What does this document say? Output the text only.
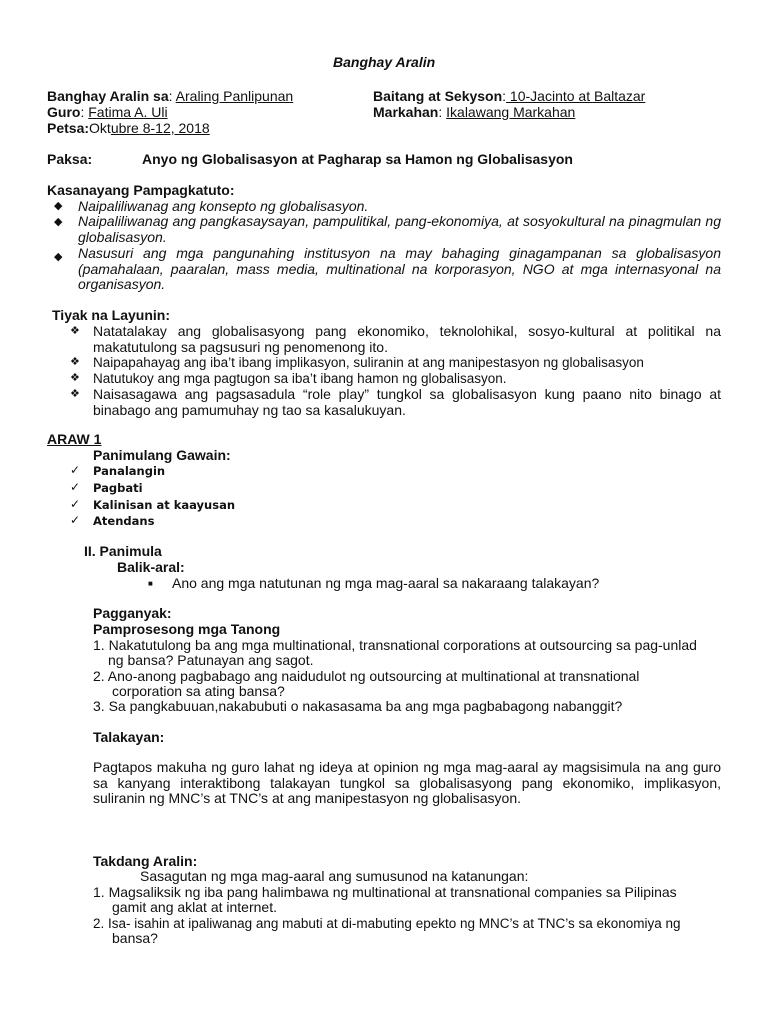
Banghay Aralin
Banghay Aralin sa: Araling Panlipunan
Guro: Fatima A. Uli
Petsa:Oktubre 8-12, 2018
Baitang at Sekyson: 10-Jacinto at Baltazar
Markahan: Ikalawang Markahan
Paksa:	Anyo ng Globalisasyon at Pagharap sa Hamon ng Globalisasyon
Kasanayang Pampagkatuto:
◆ Naipaliliwanag ang konsepto ng globalisasyon.
◆ Naipaliliwanag ang pangkasaysayan, pampulitikal, pang-ekonomiya, at sosyokultural na pinagmulan ng globalisasyon.
◆ Nasusuri ang mga pangunahing institusyon na may bahaging ginagampanan sa globalisasyon (pamahalaan, paaralan, mass media, multinational na korporasyon, NGO at mga internasyonal na organisasyon.
Tiyak na Layunin:
❖ Natatalakay ang globalisasyong pang ekonomiko, teknolohikal, sosyo-kultural at politikal na makatutulong sa pagsusuri ng penomenong ito.
❖ Naipapahayag ang iba’t ibang implikasyon, suliranin at ang manipestasyon ng globalisasyon
❖ Natutukoy ang mga pagtugon sa iba’t ibang hamon ng globalisasyon.
❖ Naisasagawa ang pagsasadula “role play” tungkol sa globalisasyon kung paano nito binago at binabago ang pamumuhay ng tao sa kasalukuyan.
ARAW 1
Panimulang Gawain:
✓ Panalangin
✓ Pagbati
✓ Kalinisan at kaayusan
✓ Atendans
II. Panimula
Balik-aral:
■ Ano ang mga natutunan ng mga mag-aaral sa nakaraang talakayan?
Pagganyak:
Pamprosesong mga Tanong
1. Nakatutulong ba ang mga multinational, transnational corporations at outsourcing sa pag-unlad
ng bansa? Patunayan ang sagot.
2. Ano-anong pagbabago ang naidudulot ng outsourcing at multinational at transnational
corporation sa ating bansa?
3. Sa pangkabuuan,nakabubuti o nakasasama ba ang mga pagbabagong nabanggit?
Talakayan:
Pagtapos makuha ng guro lahat ng ideya at opinion ng mga mag-aaral ay magsisimula na ang guro sa kanyang interaktibong talakayan tungkol sa globalisasyong pang ekonomiko, implikasyon, suliranin ng MNC’s at TNC’s at ang manipestasyon ng globalisasyon.
Takdang Aralin:
Sasagutan ng mga mag-aaral ang sumusunod na katanungan:
1. Magsaliksik ng iba pang halimbawa ng multinational at transnational companies sa Pilipinas
gamit ang aklat at internet.
2. Isa- isahin at ipaliwanag ang mabuti at di-mabuting epekto ng MNC’s at TNC’s sa ekonomiya ng
bansa?
